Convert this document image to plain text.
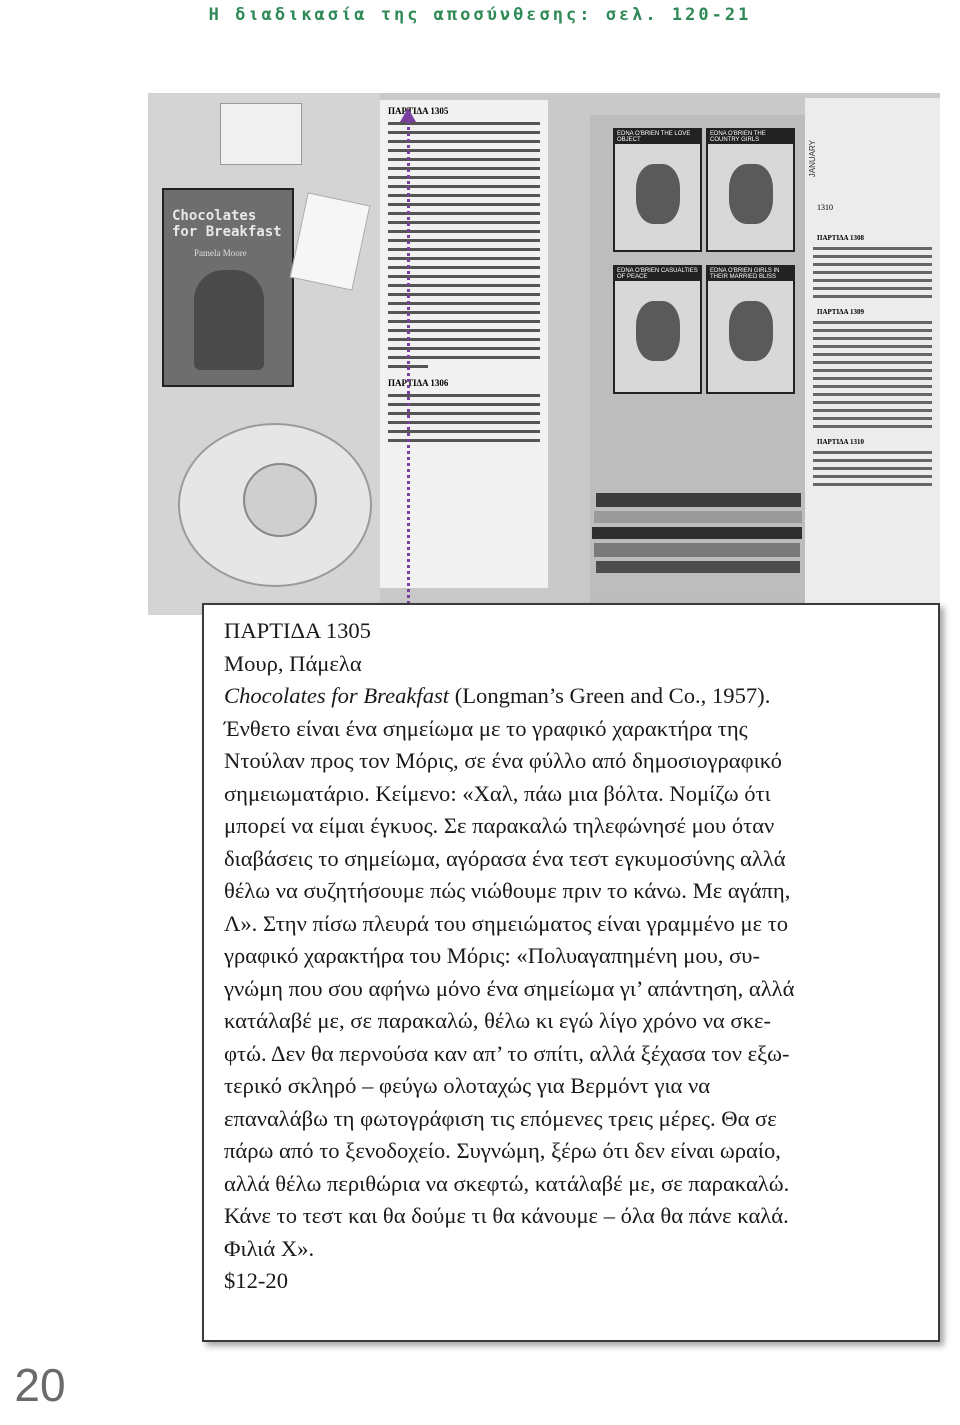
Η διαδικασία της αποσύνθεσης: σελ. 120-21
Chocolates for Breakfast
Pamela Moore
EDNA O'BRIEN THE LOVE OBJECT
EDNA O'BRIEN THE COUNTRY GIRLS
EDNA O'BRIEN CASUALTIES OF PEACE
EDNA O'BRIEN GIRLS IN THEIR MARRIED BLISS
ΠΑΡΤΙΔΑ 1305
ΠΑΡΤΙΔΑ 1306
1310
ΠΑΡΤΙΔΑ 1308
ΠΑΡΤΙΔΑ 1309
ΠΑΡΤΙΔΑ 1310
JANUARY
ΠΑΡΤΙΔΑ 1305
Μουρ, Πάμελα
Chocolates for Breakfast (Longman’s Green and Co., 1957).
Ένθετο είναι ένα σημείωμα με το γραφικό χαρακτήρα της
Ντούλαν προς τον Μόρις, σε ένα φύλλο από δημοσιογραφικό
σημειωματάριο. Κείμενο: «Χαλ, πάω μια βόλτα. Νομίζω ότι
μπορεί να είμαι έγκυος. Σε παρακαλώ τηλεφώνησέ μου όταν
διαβάσεις το σημείωμα, αγόρασα ένα τεστ εγκυμοσύνης αλλά
θέλω να συζητήσουμε πώς νιώθουμε πριν το κάνω. Με αγάπη,
Λ». Στην πίσω πλευρά του σημειώματος είναι γραμμένο με το
γραφικό χαρακτήρα του Μόρις: «Πολυαγαπημένη μου, συ-
γνώμη που σου αφήνω μόνο ένα σημείωμα γι’ απάντηση, αλλά
κατάλαβέ με, σε παρακαλώ, θέλω κι εγώ λίγο χρόνο να σκε-
φτώ. Δεν θα περνούσα καν απ’ το σπίτι, αλλά ξέχασα τον εξω-
τερικό σκληρό – φεύγω ολοταχώς για Βερμόντ για να
επαναλάβω τη φωτογράφιση τις επόμενες τρεις μέρες. Θα σε
πάρω από το ξενοδοχείο. Συγνώμη, ξέρω ότι δεν είναι ωραίο,
αλλά θέλω περιθώρια να σκεφτώ, κατάλαβέ με, σε παρακαλώ.
Κάνε το τεστ και θα δούμε τι θα κάνουμε – όλα θα πάνε καλά.
Φιλιά Χ».
$12-20
20
